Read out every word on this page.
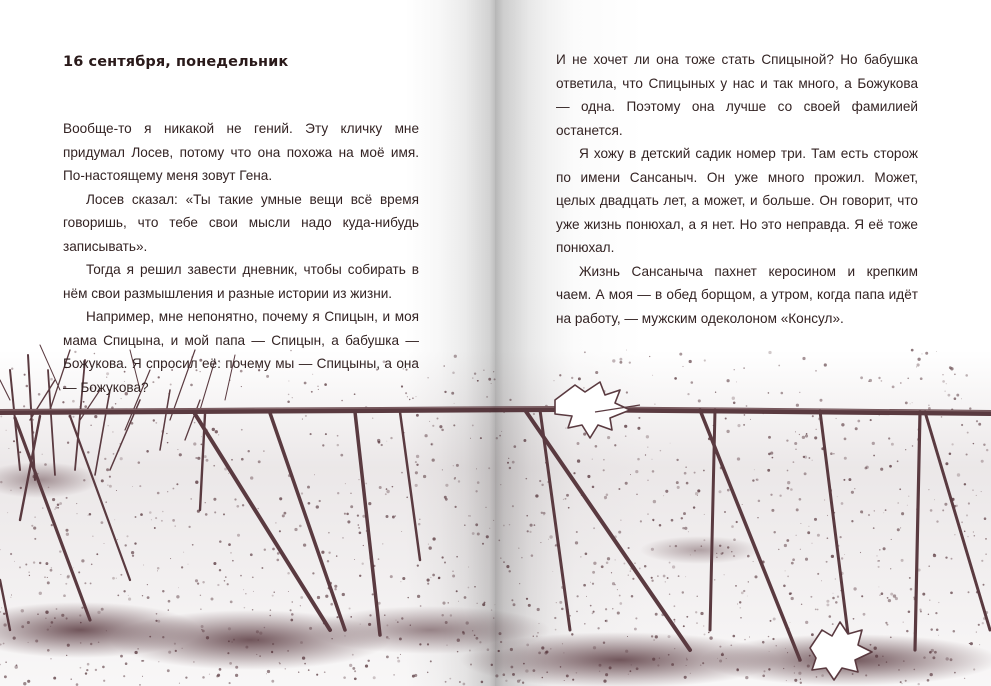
16 сентября, понедельник

Вообще-то я никакой не гений. Эту кличку мне придумал Лосев, потому что она похожа на моё имя. По-настоящему меня зовут Гена.

Лосев сказал: «Ты такие умные вещи всё время говоришь, что тебе свои мысли надо куда-нибудь записывать».

Тогда я решил завести дневник, чтобы собирать в нём свои размышления и разные истории из жизни.

Например, мне непонятно, почему я Спицын, и моя мама Спицына, и мой папа — Спицын, а бабушка — Божукова. Я спросил её: почему мы — Спицыны, а она — Божукова?

И не хочет ли она тоже стать Спицыной? Но бабушка ответила, что Спицыных у нас и так много, а Божукова — одна. Поэтому она лучше со своей фамилией останется.

Я хожу в детский садик номер три. Там есть сторож по имени Сансаныч. Он уже много прожил. Может, целых двадцать лет, а может, и больше. Он говорит, что уже жизнь понюхал, а я нет. Но это неправда. Я её тоже понюхал.

Жизнь Сансаныча пахнет керосином и крепким чаем. А моя — в обед борщом, а утром, когда папа идёт на работу, — мужским одеколоном «Консул».
